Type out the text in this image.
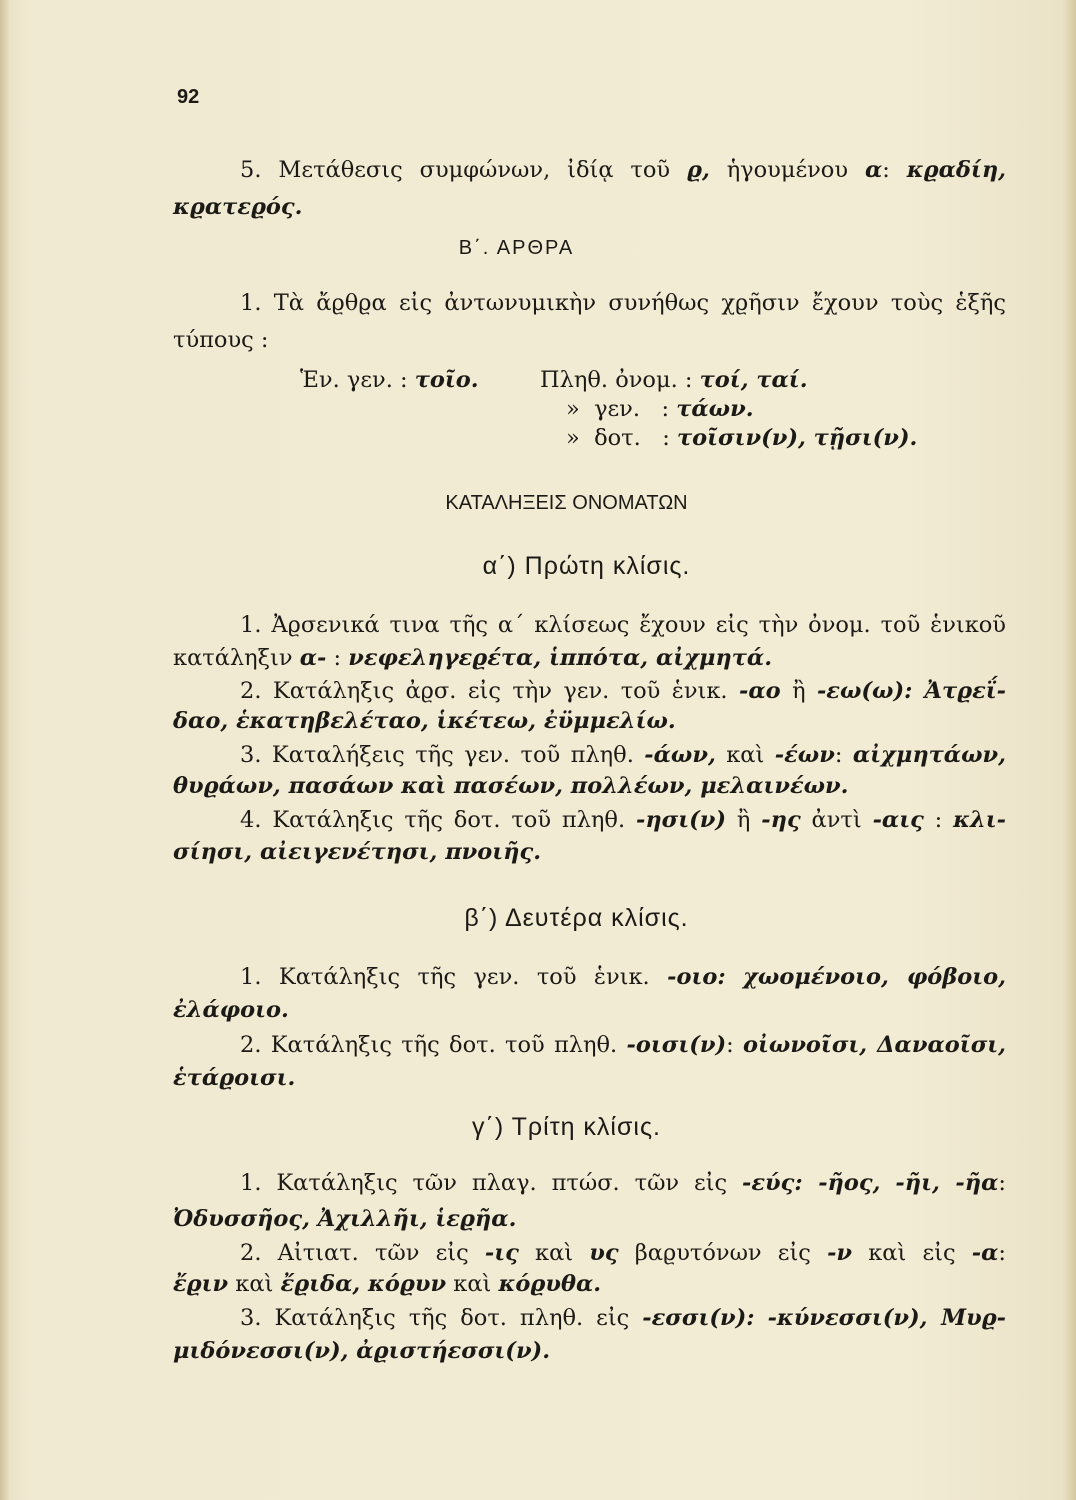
92
5. Μετάθεσις συμφώνων, ἰδίᾳ τοῦ ϱ, ἡγουμένου α: κϱαδίη,
κϱατεϱός.
Β΄. ΑΡΘΡΑ
1. Τὰ ἄϱθϱα εἰς ἀντωνυμικὴν συνήθως χϱῆσιν ἔχουν τοὺς ἑξῆς
τύπους :
Ἑν. γεν. : τοῖο.	Πληθ. ὀνομ. : τοί, ταί.
»  γεν.   : τάων.
»  δοτ.   : τοῖσιν(ν), τῇσι(ν).
ΚΑΤΑΛΗΞΕΙΣ ΟΝΟΜΑΤΩΝ
α΄) Πρώτη κλίσις.
1. Ἀϱσενικά τινα τῆς α΄ κλίσεως ἔχουν εἰς τὴν ὀνομ. τοῦ ἑνικοῦ
κατάληξιν α- : νεφεληγεϱέτα, ἱππότα, αἰχμητά.
2. Κατάληξις ἀϱσ. εἰς τὴν γεν. τοῦ ἑνικ. -αο ἢ -εω(ω): Ἀτϱεΐ-
δαο, ἑκατηβελέταο, ἱκέτεω, ἐϋμμελίω.
3. Καταλήξεις τῆς γεν. τοῦ πληθ. -άων, καὶ -έων: αἰχμητάων,
θυϱάων, πασάων καὶ πασέων, πολλέων, μελαινέων.
4. Κατάληξις τῆς δοτ. τοῦ πληθ. -ησι(ν) ἢ -ης ἀντὶ -αις : κλι-
σίησι, αἰειγενέτησι, πνοιῆς.
β΄) Δευτέρα κλίσις.
1. Κατάληξις τῆς γεν. τοῦ ἑνικ. -οιο: χωομένοιο, φόβοιο,
ἐλάφοιο.
2. Κατάληξις τῆς δοτ. τοῦ πληθ. -οισι(ν): οἰωνοῖσι, Δαναοῖσι,
ἑτάϱοισι.
γ΄) Τρίτη κλίσις.
1. Κατάληξις τῶν πλαγ. πτώσ. τῶν εἰς -εύς: -ῆος, -ῆι, -ῆα:
Ὀδυσσῆος, Ἀχιλλῆι, ἱεϱῆα.
2. Αἰτιατ. τῶν εἰς -ις καὶ υς βαϱυτόνων εἰς -ν καὶ εἰς -α:
ἔϱιν καὶ ἔϱιδα, κόϱυν καὶ κόϱυθα.
3. Κατάληξις τῆς δοτ. πληθ. εἰς -εσσι(ν): -κύνεσσι(ν), Μυϱ-
μιδόνεσσι(ν), ἀϱιστήεσσι(ν).
